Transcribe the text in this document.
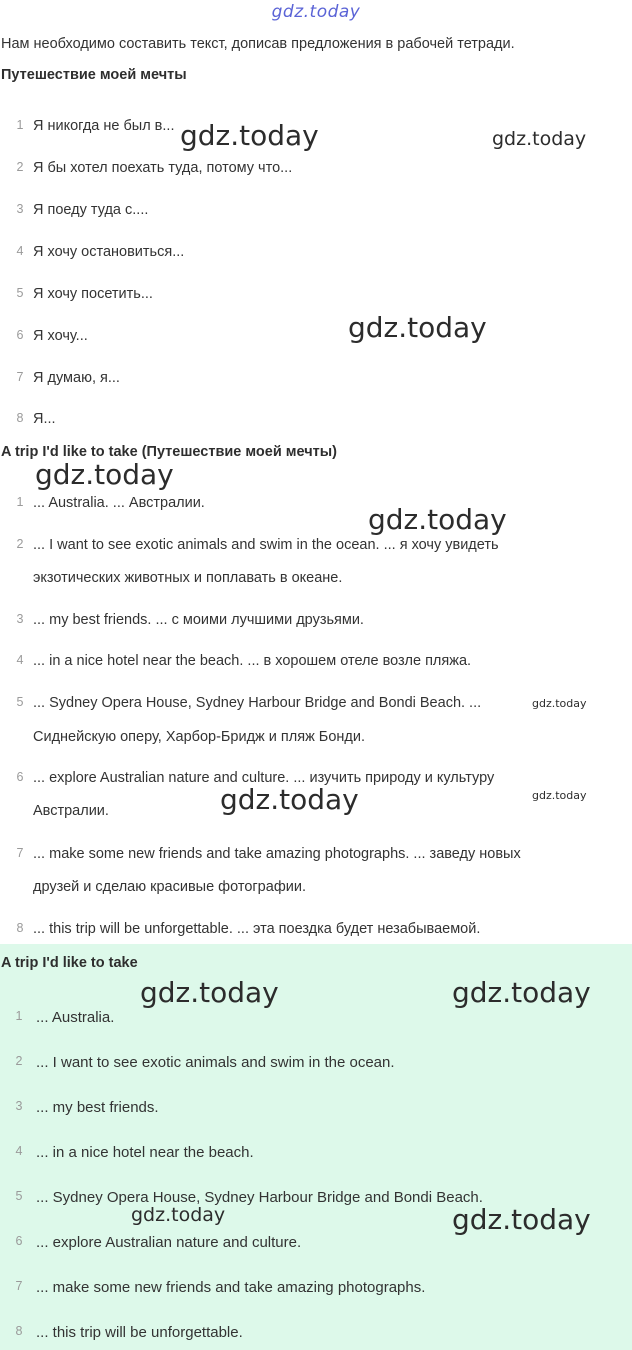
gdz.today
Нам необходимо составить текст, дописав предложения в рабочей тетради.
Путешествие моей мечты
1 Я никогда не был в...
2 Я бы хотел поехать туда, потому что...
3 Я поеду туда с....
4 Я хочу остановиться...
5 Я хочу посетить...
6 Я хочу...
7 Я думаю, я...
8 Я...
A trip I'd like to take (Путешествие моей мечты)
1 ... Australia. ... Австралии.
2 ... I want to see exotic animals and swim in the ocean. ... я хочу увидеть
экзотических животных и поплавать в океане.
3 ... my best friends. ... с моими лучшими друзьями.
4 ... in a nice hotel near the beach. ... в хорошем отеле возле пляжа.
5 ... Sydney Opera House, Sydney Harbour Bridge and Bondi Beach. ...
Сиднейскую оперу, Харбор-Бридж и пляж Бонди.
6 ... explore Australian nature and culture. ... изучить природу и культуру
Австралии.
7 ... make some new friends and take amazing photographs. ... заведу новых
друзей и сделаю красивые фотографии.
8 ... this trip will be unforgettable. ... эта поездка будет незабываемой.
A trip I'd like to take
1 ... Australia.
2 ... I want to see exotic animals and swim in the ocean.
3 ... my best friends.
4 ... in a nice hotel near the beach.
5 ... Sydney Opera House, Sydney Harbour Bridge and Bondi Beach.
6 ... explore Australian nature and culture.
7 ... make some new friends and take amazing photographs.
8 ... this trip will be unforgettable.
gdz.today	gdz.today
gdz.today
gdz.today
gdz.today
gdz.today
gdz.today	gdz.today
gdz.today	gdz.today
gdz.today	gdz.today
